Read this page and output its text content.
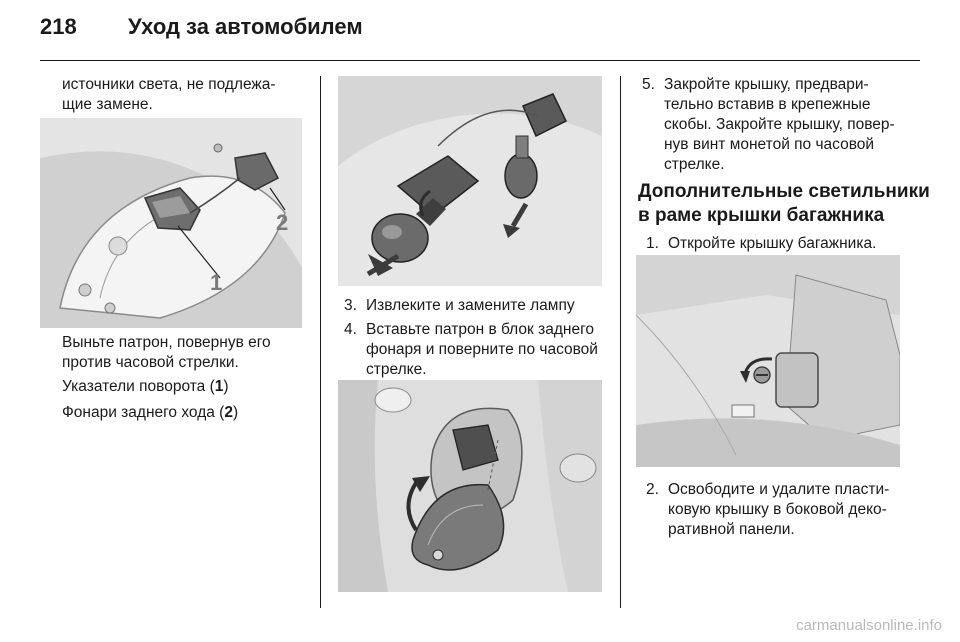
218	Уход за автомобилем
источники света, не подлежа-
щие замене.
1
2
Выньте патрон, повернув его
против часовой стрелки.
Указатели поворота (1)
Фонари заднего хода (2)
3. Извлеките и замените лампу
4. Вставьте патрон в блок заднего
фонаря и поверните по часовой
стрелке.
5. Закройте крышку, предвари-
тельно вставив в крепежные
скобы. Закройте крышку, повер-
нув винт монетой по часовой
стрелке.
Дополнительные светильники
в раме крышки багажника
1. Откройте крышку багажника.
2. Освободите и удалите пласти-
ковую крышку в боковой деко-
ративной панели.
carmanualsonline.info
